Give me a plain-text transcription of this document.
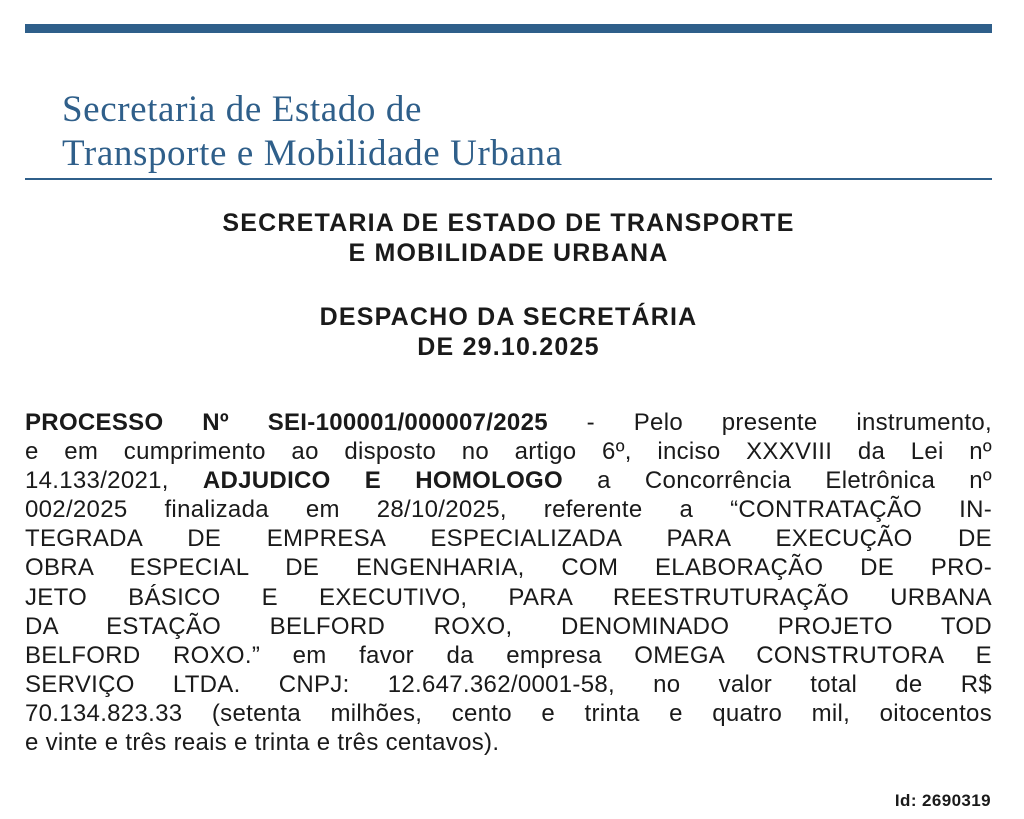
Secretaria de Estado de
Transporte e Mobilidade Urbana
SECRETARIA DE ESTADO DE TRANSPORTE
E MOBILIDADE URBANA
DESPACHO DA SECRETÁRIA
DE 29.10.2025
PROCESSO Nº SEI-100001/000007/2025 - Pelo presente instrumento,
e em cumprimento ao disposto no artigo 6º, inciso XXXVIII da Lei nº
14.133/2021, ADJUDICO E HOMOLOGO a Concorrência Eletrônica nº
002/2025 finalizada em 28/10/2025, referente a “CONTRATAÇÃO IN-
TEGRADA DE EMPRESA ESPECIALIZADA PARA EXECUÇÃO DE
OBRA ESPECIAL DE ENGENHARIA, COM ELABORAÇÃO DE PRO-
JETO BÁSICO E EXECUTIVO, PARA REESTRUTURAÇÃO URBANA
DA ESTAÇÃO BELFORD ROXO, DENOMINADO PROJETO TOD
BELFORD ROXO.” em favor da empresa OMEGA CONSTRUTORA E
SERVIÇO LTDA. CNPJ: 12.647.362/0001-58, no valor total de R$
70.134.823.33 (setenta milhões, cento e trinta e quatro mil, oitocentos
e vinte e três reais e trinta e três centavos).
Id: 2690319
